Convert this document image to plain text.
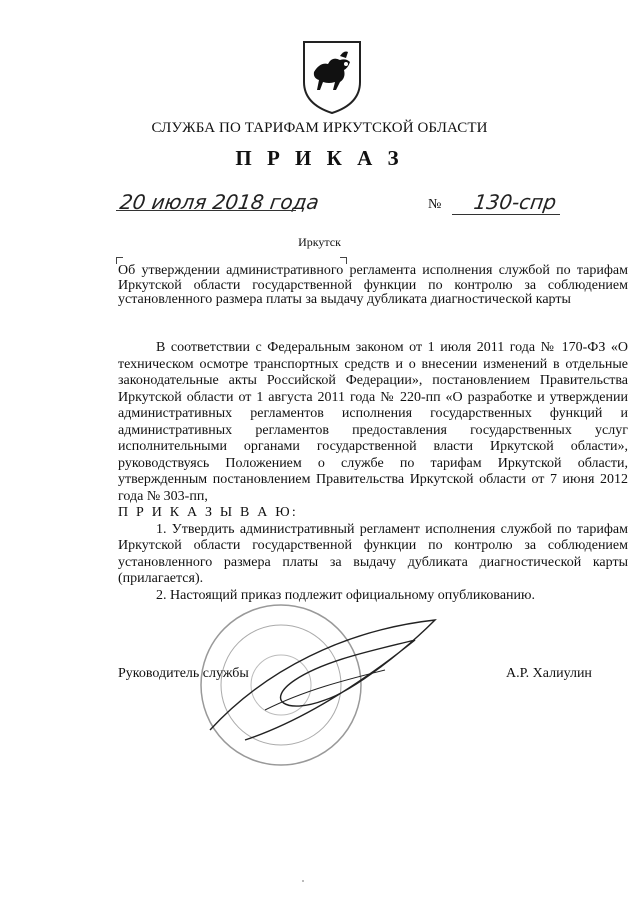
СЛУЖБА ПО ТАРИФАМ ИРКУТСКОЙ ОБЛАСТИ
П Р И К А З
20 июля 2018 года	№ 130-спр
Иркутск
Об утверждении административного регламента исполнения службой по тарифам Иркутской области государственной функции по контролю за соблюдением установленного размера платы за выдачу дубликата диагностической карты

В соответствии с Федеральным законом от 1 июля 2011 года № 170-ФЗ «О техническом осмотре транспортных средств и о внесении изменений в отдельные законодательные акты Российской Федерации», постановлением Правительства Иркутской области от 1 августа 2011 года № 220-пп «О разработке и утверждении административных регламентов исполнения государственных функций и административных регламентов предоставления государственных услуг исполнительными органами государственной власти Иркутской области», руководствуясь Положением о службе по тарифам Иркутской области, утвержденным постановлением Правительства Иркутской области от 7 июня 2012 года № 303-пп,

П Р И К А З Ы В А Ю:

1. Утвердить административный регламент исполнения службой по тарифам Иркутской области государственной функции по контролю за соблюдением установленного размера платы за выдачу дубликата диагностической карты (прилагается).

2. Настоящий приказ подлежит официальному опубликованию.

Руководитель службы	А.Р. Халиулин
